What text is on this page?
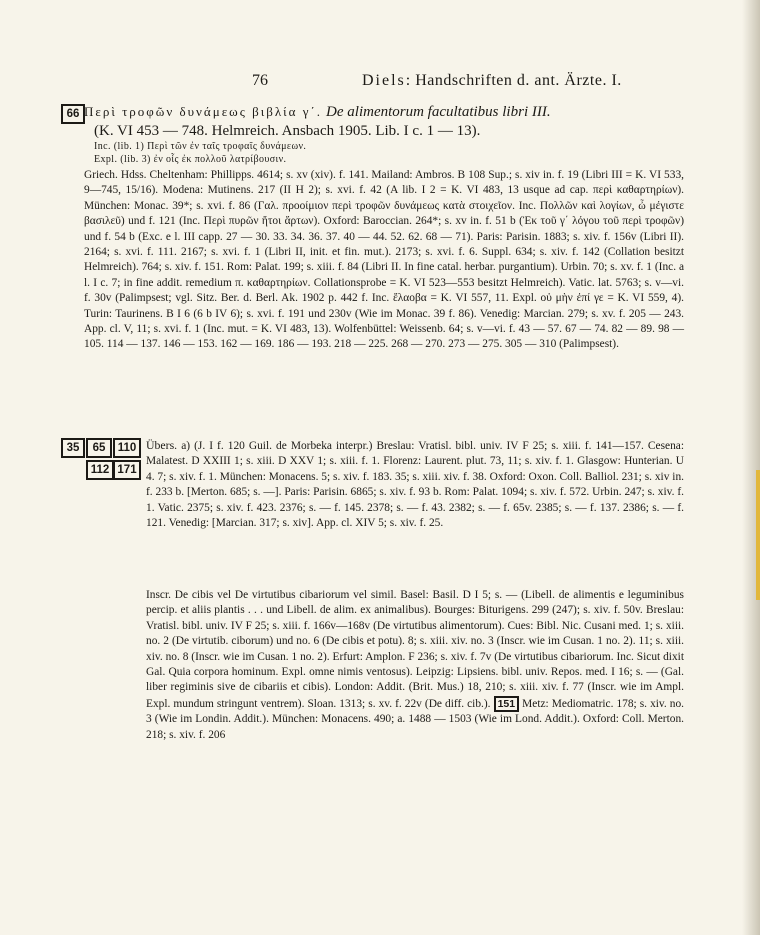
76	Diels: Handschriften d. ant. Ärzte. I.
66 Περὶ τροφῶν δυνάμεως βιβλία γ΄. De alimentorum facultatibus libri III.

(K. VI 453 — 748. Helmreich. Ansbach 1905. Lib. I c. 1 — 13).

Inc. (lib. 1) Περὶ τῶν ἐν ταῖς τροφαῖς δυνάμεων.

Expl. (lib. 3) ἐν οἷς ἐκ πολλοῦ λατρίβουσιν.

Griech. Hdss. Cheltenham: Phillipps. 4614; s. xv (xiv). f. 141. Mailand: Ambros. B 108 Sup.; s. xiv in. f. 19 (Libri III = K. VI 533, 9—745, 15/16). Modena: Mutinens. 217 (II H 2); s. xvi. f. 42 (A lib. I 2 = K. VI 483, 13 usque ad cap. περὶ καθαρτηρίων). München: Monac. 39*; s. xvi. f. 86 (Γαλ. προοίμιον περὶ τροφῶν δυνάμεως κατὰ στοιχεῖον. Inc. Πολλῶν καὶ λογίων, ὦ μέγιστε βασιλεῦ) und f. 121 (Inc. Περὶ πυρῶν ἤτοι ἄρτων). Oxford: Baroccian. 264*; s. xv in. f. 51 b (Ἐκ τοῦ γ΄ λόγου τοῦ περὶ τροφῶν) und f. 54 b (Exc. e l. III capp. 27 — 30. 33. 34. 36. 37. 40 — 44. 52. 62. 68 — 71). Paris: Parisin. 1883; s. xiv. f. 156v (Libri II). 2164; s. xvi. f. 111. 2167; s. xvi. f. 1 (Libri II, init. et fin. mut.). 2173; s. xvi. f. 6. Suppl. 634; s. xiv. f. 142 (Collation besitzt Helmreich). 764; s. xiv. f. 151. Rom: Palat. 199; s. xiii. f. 84 (Libri II. In fine catal. herbar. purgantium). Urbin. 70; s. xv. f. 1 (Inc. a l. I c. 7; in fine addit. remedium π. καθαρτηρίων. Collationsprobe = K. VI 523—553 besitzt Helmreich). Vatic. lat. 5763; s. v—vi. f. 30v (Palimpsest; vgl. Sitz. Ber. d. Berl. Ak. 1902 p. 442 f. Inc. ἔλαοβα = K. VI 557, 11. Expl. οὐ μὴν ἐπί γε = K. VI 559, 4). Turin: Taurinens. B I 6 (6 b IV 6); s. xvi. f. 191 und 230v (Wie im Monac. 39 f. 86). Venedig: Marcian. 279; s. xv. f. 205 — 243. App. cl. V, 11; s. xvi. f. 1 (Inc. mut. = K. VI 483, 13). Wolfenbüttel: Weissenb. 64; s. v—vi. f. 43 — 57. 67 — 74. 82 — 89. 98 — 105. 114 — 137. 146 — 153. 162 — 169. 186 — 193. 218 — 225. 268 — 270. 273 — 275. 305 — 310 (Palimpsest).

35	65	110
112 171

Übers. a) (J. I f. 120 Guil. de Morbeka interpr.) Breslau: Vratisl. bibl. univ. IV F 25; s. xiii. f. 141—157. Cesena: Malatest. D XXIII 1; s. xiii. D XXV 1; s. xiii. f. 1. Florenz: Laurent. plut. 73, 11; s. xiv. f. 1. Glasgow: Hunterian. U 4. 7; s. xiv. f. 1. München: Monacens. 5; s. xiv. f. 183. 35; s. xiii. xiv. f. 38. Oxford: Oxon. Coll. Balliol. 231; s. xiv in. f. 233 b. [Merton. 685; s. —]. Paris: Parisin. 6865; s. xiv. f. 93 b. Rom: Palat. 1094; s. xiv. f. 572. Urbin. 247; s. xiv. f. 1. Vatic. 2375; s. xiv. f. 423. 2376; s. — f. 145. 2378; s. — f. 43. 2382; s. — f. 65v. 2385; s. — f. 137. 2386; s. — f. 121. Venedig: [Marcian. 317; s. xiv]. App. cl. XIV 5; s. xiv. f. 25.

Inscr. De cibis vel De virtutibus cibariorum vel simil. Basel: Basil. D I 5; s. — (Libell. de alimentis e leguminibus percip. et aliis plantis . . . und Libell. de alim. ex animalibus). Bourges: Biturigens. 299 (247); s. xiv. f. 50v. Breslau: Vratisl. bibl. univ. IV F 25; s. xiii. f. 166v—168v (De virtutibus alimentorum). Cues: Bibl. Nic. Cusani med. 1; s. xiii. no. 2 (De virtutib. ciborum) und no. 6 (De cibis et potu). 8; s. xiii. xiv. no. 3 (Inscr. wie im Cusan. 1 no. 2). 11; s. xiii. xiv. no. 8 (Inscr. wie im Cusan. 1 no. 2). Erfurt: Amplon. F 236; s. xiv. f. 7v (De virtutibus cibariorum. Inc. Sicut dixit Gal. Quia corpora hominum. Expl. omne nimis ventosus). Leipzig: Lipsiens. bibl. univ. Repos. med. I 16; s. — (Gal. liber regiminis sive de cibariis et cibis). London: Addit. (Brit. Mus.) 18, 210; s. xiii. xiv. f. 77 (Inscr. wie im Ampl. Expl. mundum stringunt ventrem). Sloan. 1313; s. xv. f. 22v (De diff. cib.). 151 Metz: Mediomatric. 178; s. xiv. no. 3 (Wie im Londin. Addit.). München: Monacens. 490; a. 1488 — 1503 (Wie im Lond. Addit.). Oxford: Coll. Merton. 218; s. xiv. f. 206
